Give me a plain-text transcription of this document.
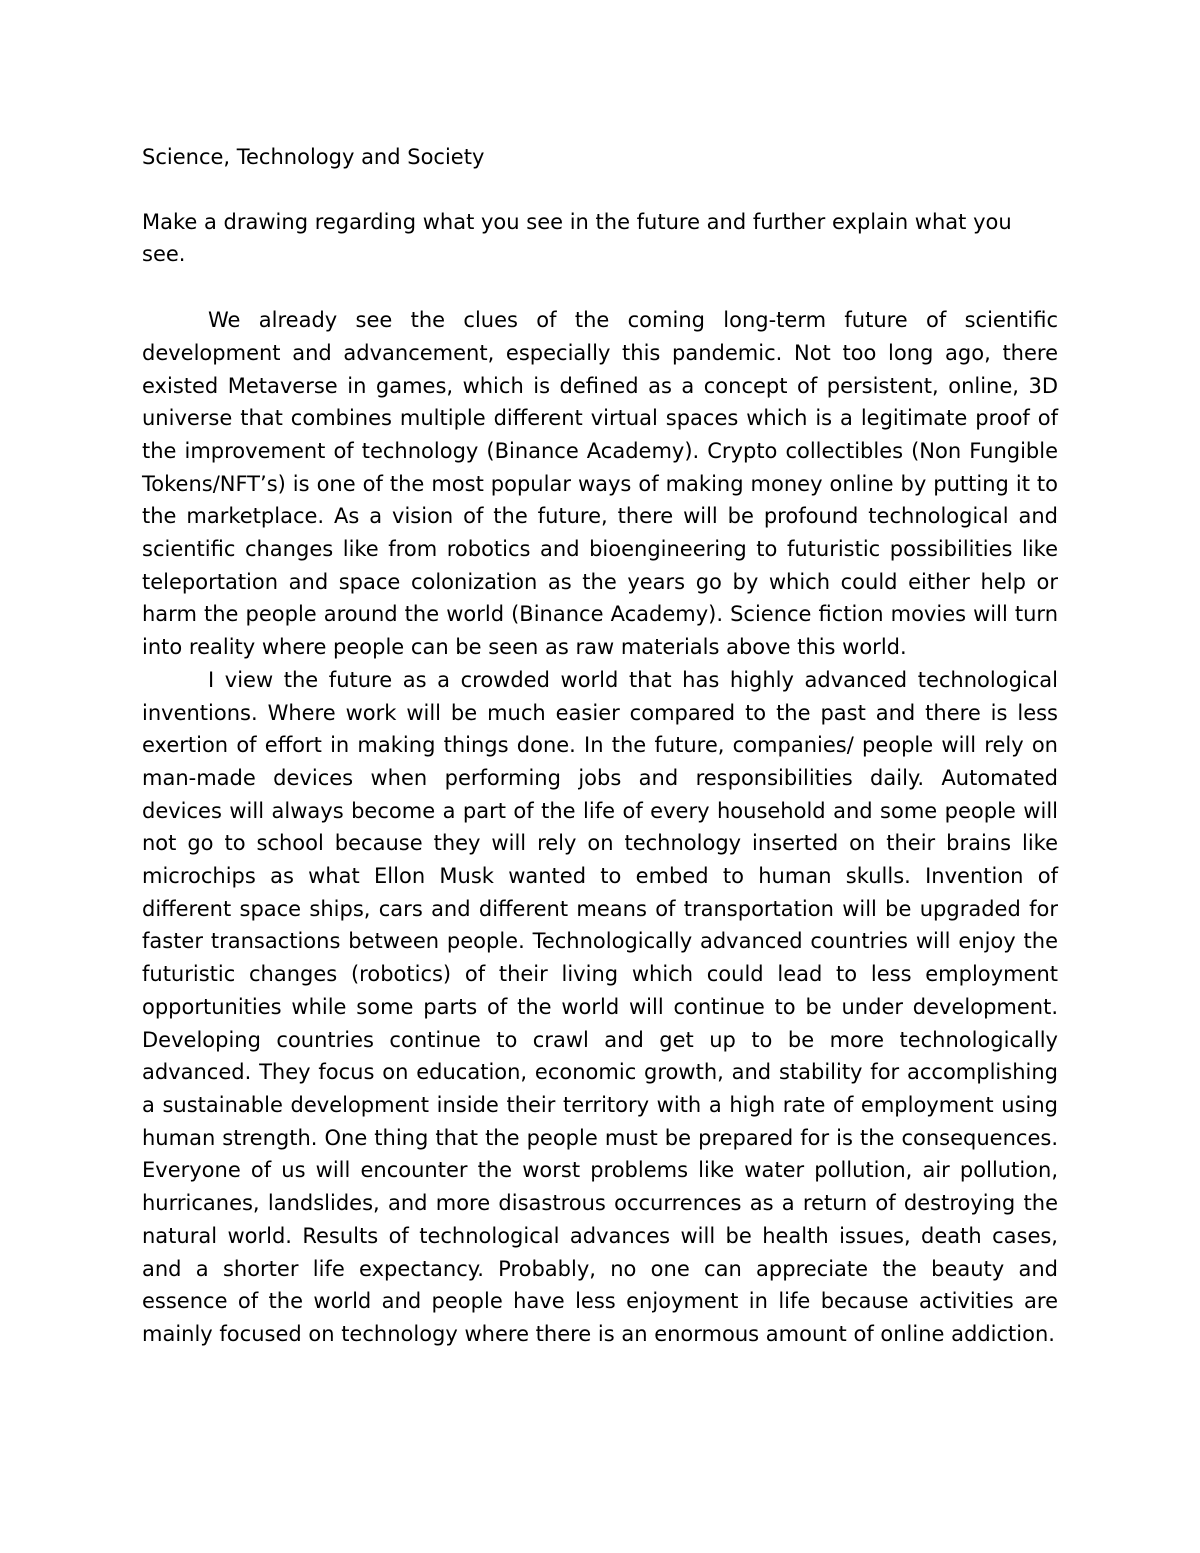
Science, Technology and Society

Make a drawing regarding what you see in the future and further explain what you see.

We already see the clues of the coming long-term future of scientific development and advancement, especially this pandemic. Not too long ago, there existed Metaverse in games, which is defined as a concept of persistent, online, 3D universe that combines multiple different virtual spaces which is a legitimate proof of the improvement of technology (Binance Academy). Crypto collectibles (Non Fungible Tokens/NFT’s) is one of the most popular ways of making money online by putting it to the marketplace. As a vision of the future, there will be profound technological and scientific changes like from robotics and bioengineering to futuristic possibilities like teleportation and space colonization as the years go by which could either help or harm the people around the world (Binance Academy). Science fiction movies will turn into reality where people can be seen as raw materials above this world.

I view the future as a crowded world that has highly advanced technological inventions. Where work will be much easier compared to the past and there is less exertion of effort in making things done. In the future, companies/ people will rely on man-made devices when performing jobs and responsibilities daily. Automated devices will always become a part of the life of every household and some people will not go to school because they will rely on technology inserted on their brains like microchips as what Ellon Musk wanted to embed to human skulls. Invention of different space ships, cars and different means of transportation will be upgraded for faster transactions between people. Technologically advanced countries will enjoy the futuristic changes (robotics) of their living which could lead to less employment opportunities while some parts of the world will continue to be under development. Developing countries continue to crawl and get up to be more technologically advanced. They focus on education, economic growth, and stability for accomplishing a sustainable development inside their territory with a high rate of employment using human strength. One thing that the people must be prepared for is the consequences. Everyone of us will encounter the worst problems like water pollution, air pollution, hurricanes, landslides, and more disastrous occurrences as a return of destroying the natural world. Results of technological advances will be health issues, death cases, and a shorter life expectancy. Probably, no one can appreciate the beauty and essence of the world and people have less enjoyment in life because activities are mainly focused on technology where there is an enormous amount of online addiction.
